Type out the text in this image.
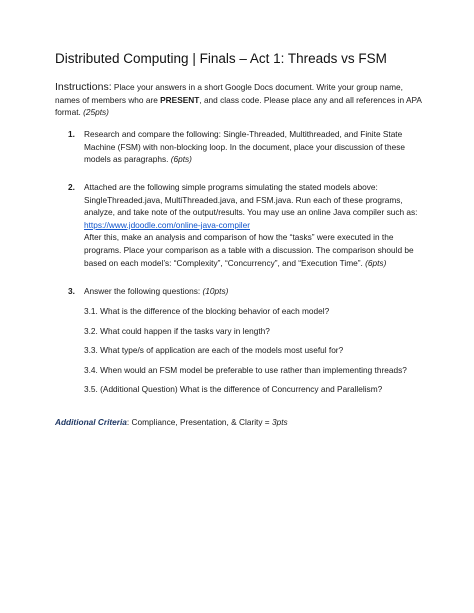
Distributed Computing | Finals – Act 1: Threads vs FSM
Instructions: Place your answers in a short Google Docs document. Write your group name, names of members who are PRESENT, and class code. Please place any and all references in APA format. (25pts)
1. Research and compare the following: Single-Threaded, Multithreaded, and Finite State Machine (FSM) with non-blocking loop. In the document, place your discussion of these models as paragraphs. (6pts)
2. Attached are the following simple programs simulating the stated models above: SingleThreaded.java, MultiThreaded.java, and FSM.java. Run each of these programs, analyze, and take note of the output/results. You may use an online Java compiler such as: https://www.jdoodle.com/online-java-compiler
After this, make an analysis and comparison of how the “tasks” were executed in the programs. Place your comparison as a table with a discussion. The comparison should be based on each model’s: “Complexity”, “Concurrency”, and “Execution Time”. (6pts)
3. Answer the following questions: (10pts)
3.1. What is the difference of the blocking behavior of each model?
3.2. What could happen if the tasks vary in length?
3.3. What type/s of application are each of the models most useful for?
3.4. When would an FSM model be preferable to use rather than implementing threads?
3.5. (Additional Question) What is the difference of Concurrency and Parallelism?
Additional Criteria: Compliance, Presentation, & Clarity = 3pts
